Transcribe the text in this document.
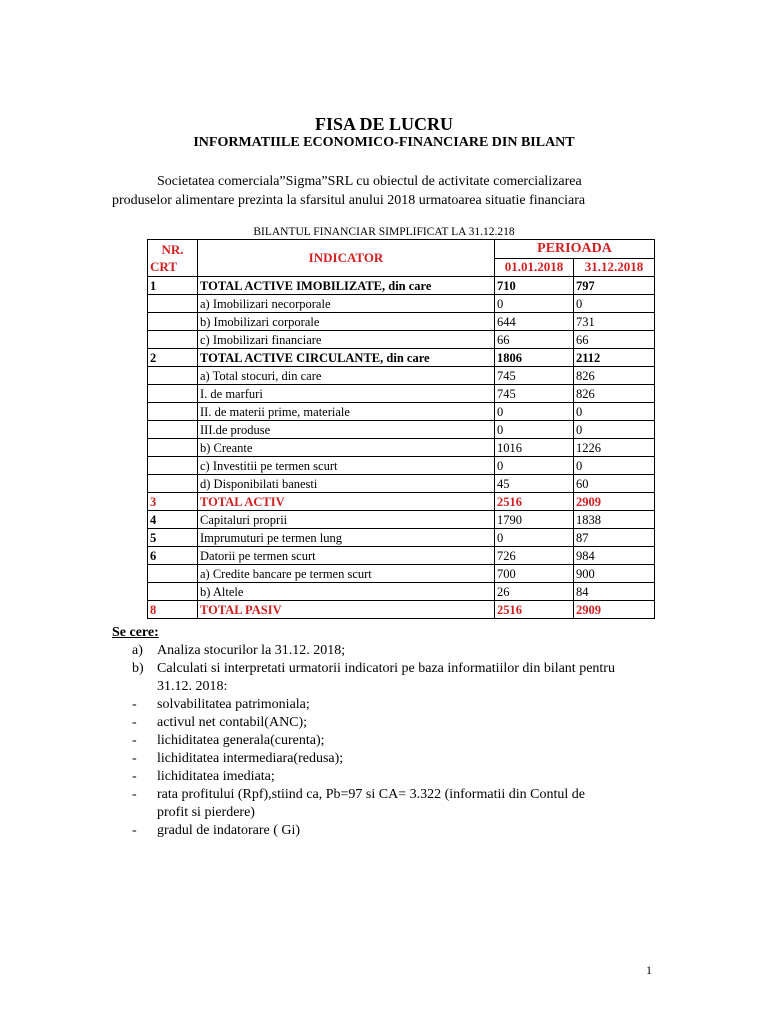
FISA DE LUCRU
INFORMATIILE ECONOMICO-FINANCIARE DIN BILANT
Societatea comerciala”Sigma”SRL cu obiectul de activitate comercializarea
produselor alimentare prezinta la sfarsitul anului 2018 urmatoarea situatie financiara
BILANTUL FINANCIAR SIMPLIFICAT LA 31.12.218
NR.
CRT	INDICATOR	PERIOADA	
		01.01.2018	31.12.2018
1	TOTAL ACTIVE IMOBILIZATE, din care	710	797
	a) Imobilizari necorporale	0	0
	b) Imobilizari corporale	644	731
	c) Imobilizari financiare	66	66
2	TOTAL ACTIVE CIRCULANTE, din care	1806	2112
	a) Total stocuri, din care	745	826
	I. de marfuri	745	826
	II. de materii prime, materiale	0	0
	III.de produse	0	0
	b) Creante	1016	1226
	c) Investitii pe termen scurt	0	0
	d) Disponibilati banesti	45	60
3	TOTAL ACTIV	2516	2909
4	Capitaluri proprii	1790	1838
5	Imprumuturi pe termen lung	0	87
6	Datorii pe termen scurt	726	984
	a) Credite bancare pe termen scurt	700	900
	b) Altele	26	84
8	TOTAL PASIV	2516	2909
Se cere:
a) Analiza stocurilor la 31.12. 2018;
b) Calculati si interpretati urmatorii indicatori pe baza informatiilor din bilant pentru
31.12. 2018:
- solvabilitatea patrimoniala;
- activul net contabil(ANC);
- lichiditatea generala(curenta);
- lichiditatea intermediara(redusa);
- lichiditatea imediata;
- rata profitului (Rpf),stiind ca, Pb=97 si CA= 3.322 (informatii din Contul de
profit si pierdere)
- gradul de indatorare ( Gi)
1
